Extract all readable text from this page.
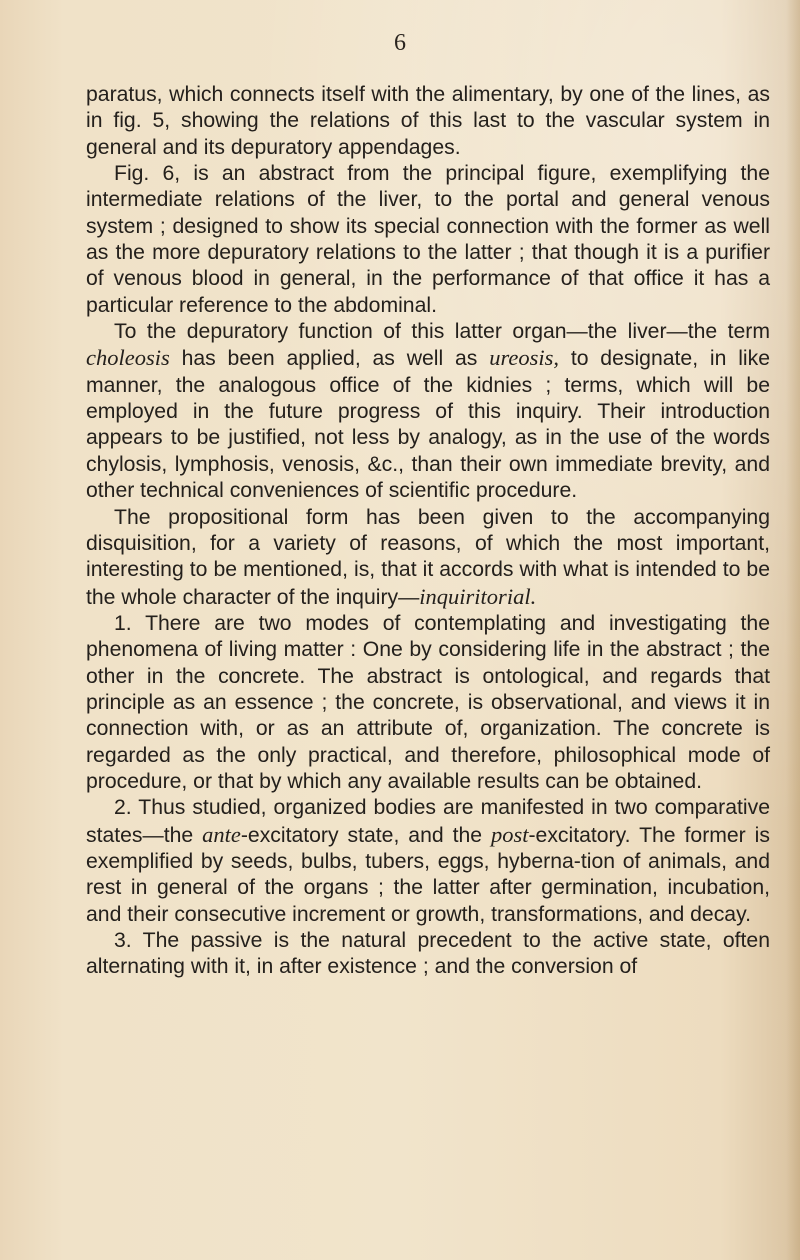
6

paratus, which connects itself with the alimentary, by one of the lines, as in fig. 5, showing the relations of this last to the vascular system in general and its depuratory appendages.

Fig. 6, is an abstract from the principal figure, exemplifying the intermediate relations of the liver, to the portal and general venous system ; designed to show its special connection with the former as well as the more depuratory relations to the latter ; that though it is a purifier of venous blood in general, in the performance of that office it has a particular reference to the abdominal.

To the depuratory function of this latter organ—the liver—the term choleosis has been applied, as well as ureosis, to designate, in like manner, the analogous office of the kidnies ; terms, which will be employed in the future progress of this inquiry. Their introduction appears to be justified, not less by analogy, as in the use of the words chylosis, lymphosis, venosis, &c., than their own immediate brevity, and other technical conveniences of scientific procedure.

The propositional form has been given to the accompanying disquisition, for a variety of reasons, of which the most important, interesting to be mentioned, is, that it accords with what is intended to be the whole character of the inquiry—inquiritorial.

1. There are two modes of contemplating and investigating the phenomena of living matter : One by considering life in the abstract ; the other in the concrete. The abstract is ontological, and regards that principle as an essence ; the concrete, is observational, and views it in connection with, or as an attribute of, organization. The concrete is regarded as the only practical, and therefore, philosophical mode of procedure, or that by which any available results can be obtained.

2. Thus studied, organized bodies are manifested in two comparative states—the ante-excitatory state, and the post-excitatory. The former is exemplified by seeds, bulbs, tubers, eggs, hyberna-tion of animals, and rest in general of the organs ; the latter after germination, incubation, and their consecutive increment or growth, transformations, and decay.

3. The passive is the natural precedent to the active state, often alternating with it, in after existence ; and the conversion of
